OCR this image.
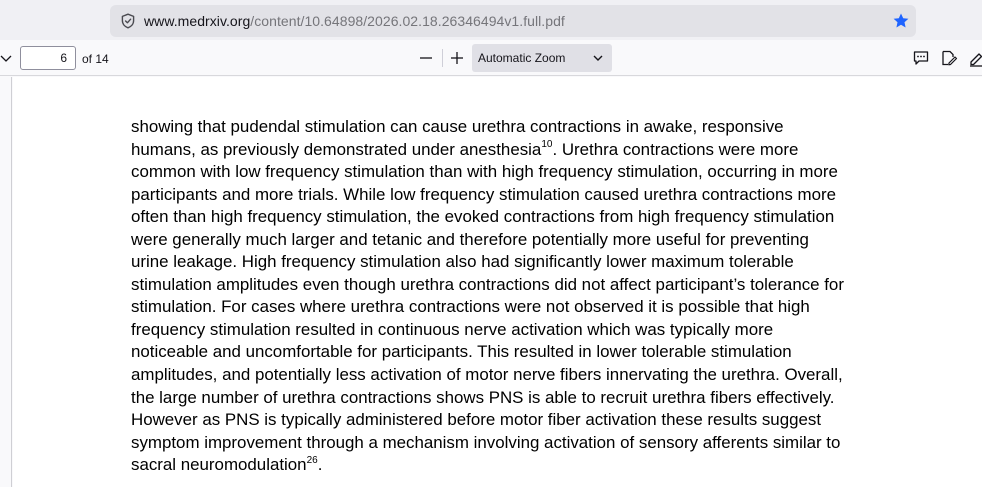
www.medrxiv.org/content/10.64898/2026.02.18.26346494v1.full.pdf
6	of 14	Automatic Zoom
showing that pudendal stimulation can cause urethra contractions in awake, responsive
humans, as previously demonstrated under anesthesia$^{10}$. Urethra contractions were more
common with low frequency stimulation than with high frequency stimulation, occurring in more
participants and more trials. While low frequency stimulation caused urethra contractions more
often than high frequency stimulation, the evoked contractions from high frequency stimulation
were generally much larger and tetanic and therefore potentially more useful for preventing
urine leakage. High frequency stimulation also had significantly lower maximum tolerable
stimulation amplitudes even though urethra contractions did not affect participant’s tolerance for
stimulation. For cases where urethra contractions were not observed it is possible that high
frequency stimulation resulted in continuous nerve activation which was typically more
noticeable and uncomfortable for participants. This resulted in lower tolerable stimulation
amplitudes, and potentially less activation of motor nerve fibers innervating the urethra. Overall,
the large number of urethra contractions shows PNS is able to recruit urethra fibers effectively.
However as PNS is typically administered before motor fiber activation these results suggest
symptom improvement through a mechanism involving activation of sensory afferents similar to
sacral neuromodulation$^{26}$.
